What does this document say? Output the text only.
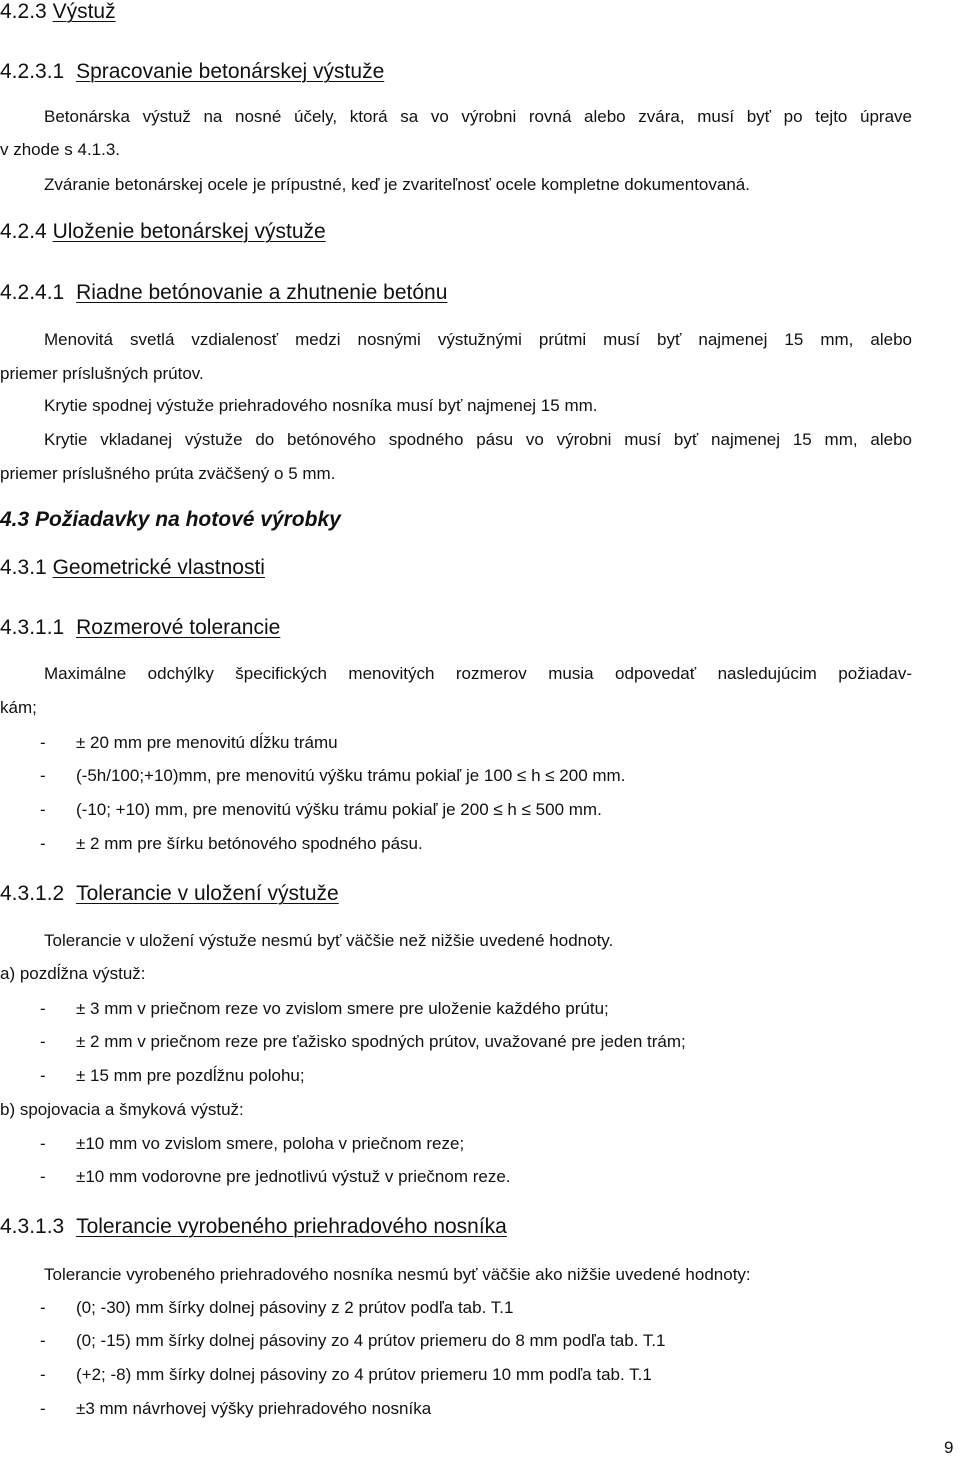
4.2.3 Výstuž
4.2.3.1 Spracovanie betonárskej výstuže
Betonárska výstuž na nosné účely, ktorá sa vo výrobni rovná alebo zvára, musí byť po tejto úprave
v zhode s 4.1.3.
Zváranie betonárskej ocele je prípustné, keď je zvariteľnosť ocele kompletne dokumentovaná.
4.2.4 Uloženie betonárskej výstuže
4.2.4.1 Riadne betónovanie a zhutnenie betónu
Menovitá svetlá vzdialenosť medzi nosnými výstužnými prútmi musí byť najmenej 15 mm, alebo
priemer príslušných prútov.
Krytie spodnej výstuže priehradového nosníka musí byť najmenej 15 mm.
Krytie vkladanej výstuže do betónového spodného pásu vo výrobni musí byť najmenej 15 mm, alebo
priemer príslušného prúta zväčšený o 5 mm.
4.3 Požiadavky na hotové výrobky
4.3.1 Geometrické vlastnosti
4.3.1.1 Rozmerové tolerancie
Maximálne odchýlky špecifických menovitých rozmerov musia odpovedať nasledujúcim požiadav-
kám;
- ± 20 mm pre menovitú dĺžku trámu
- (-5h/100;+10)mm, pre menovitú výšku trámu pokiaľ je 100 ≤ h ≤ 200 mm.
- (-10; +10) mm, pre menovitú výšku trámu pokiaľ je 200 ≤ h ≤ 500 mm.
- ± 2 mm pre šírku betónového spodného pásu.
4.3.1.2 Tolerancie v uložení výstuže
Tolerancie v uložení výstuže nesmú byť väčšie než nižšie uvedené hodnoty.
a) pozdĺžna výstuž:
- ± 3 mm v priečnom reze vo zvislom smere pre uloženie každého prútu;
- ± 2 mm v priečnom reze pre ťažisko spodných prútov, uvažované pre jeden trám;
- ± 15 mm pre pozdĺžnu polohu;
b) spojovacia a šmyková výstuž:
- ±10 mm vo zvislom smere, poloha v priečnom reze;
- ±10 mm vodorovne pre jednotlivú výstuž v priečnom reze.
4.3.1.3 Tolerancie vyrobeného priehradového nosníka
Tolerancie vyrobeného priehradového nosníka nesmú byť väčšie ako nižšie uvedené hodnoty:
- (0; -30) mm šírky dolnej pásoviny z 2 prútov podľa tab. T.1
- (0; -15) mm šírky dolnej pásoviny zo 4 prútov priemeru do 8 mm podľa tab. T.1
- (+2; -8) mm šírky dolnej pásoviny zo 4 prútov priemeru 10 mm podľa tab. T.1
- ±3 mm návrhovej výšky priehradového nosníka
9
